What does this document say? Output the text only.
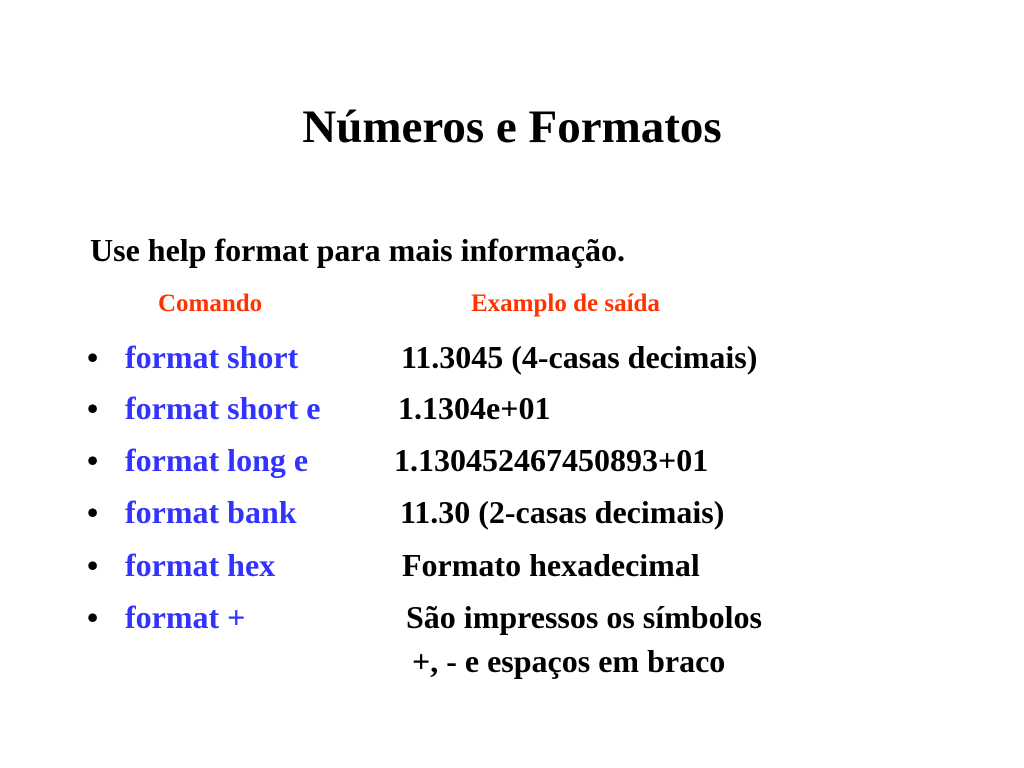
Números e Formatos
Use help format para mais informação.
Comando	Examplo de saída
• format short	11.3045 (4-casas decimais)
• format short e 1.1304e+01
• format long e	1.130452467450893+01
• format bank	11.30 (2-casas decimais)
• format hex	Formato hexadecimal
• format +	São impressos os símbolos
+, - e espaços em braco
